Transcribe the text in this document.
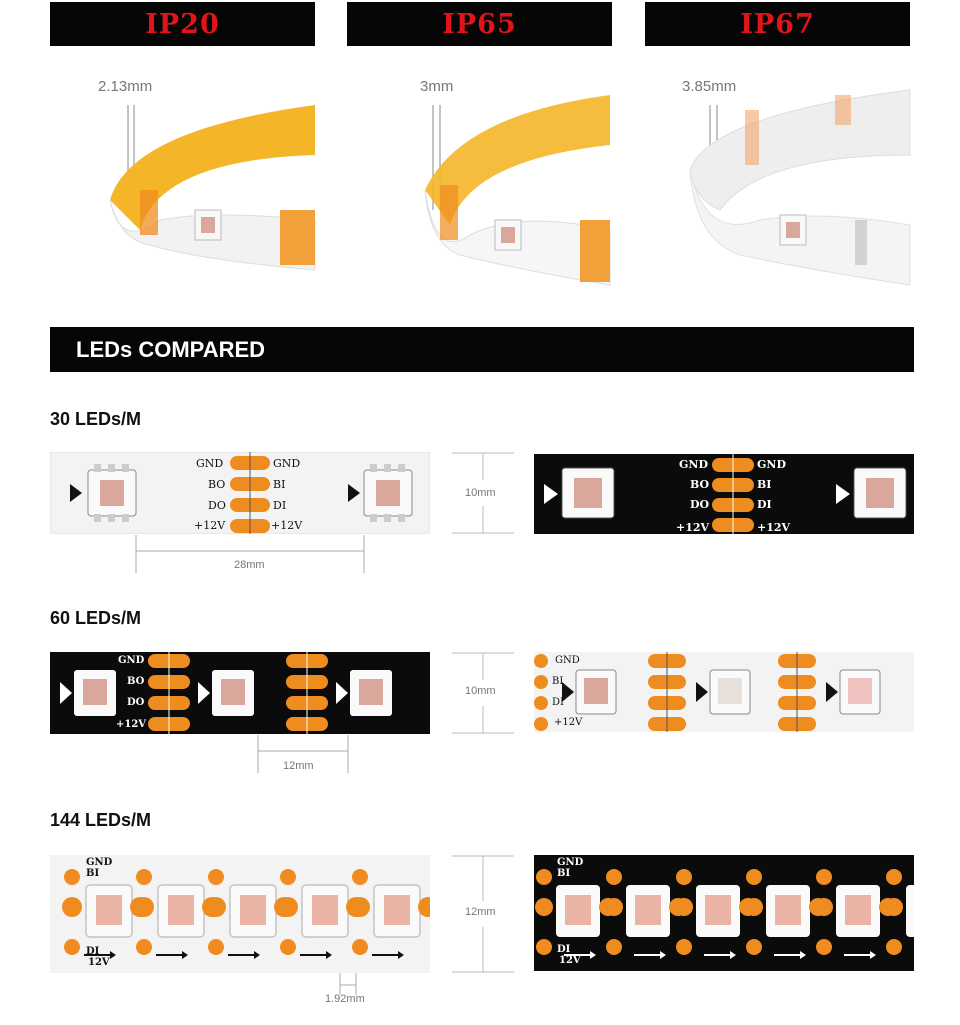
IP20	IP65	IP67
2.13mm	3mm	3.85mm
LEDs COMPARED
30 LEDs/M
GND	GND
BO	BI
DO	DI
+12V	+12V
28mm
10mm
GND	GND
BO	BI
DO	DI
+12V	+12V
60 LEDs/M
GND
BO
DO
+12V
12mm
10mm
GND
BI
DI
+12V
144 LEDs/M
GND
BI
DI
12V
1.92mm
12mm
GND
BI
DI
12V
